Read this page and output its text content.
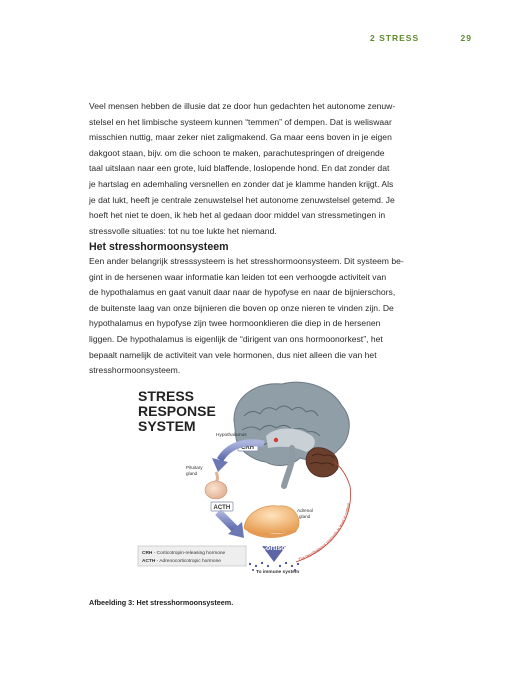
2 STRESS	29

Veel mensen hebben de illusie dat ze door hun gedachten het autonome zenuw-
stelsel en het limbische systeem kunnen “temmen” of dempen. Dat is weliswaar
misschien nuttig, maar zeker niet zaligmakend. Ga maar eens boven in je eigen
dakgoot staan, bijv. om die schoon te maken, parachutespringen of dreigende
taal uitslaan naar een grote, luid blaffende, loslopende hond. En dat zonder dat
je hartslag en ademhaling versnellen en zonder dat je klamme handen krijgt. Als
je dat lukt, heeft je centrale zenuwstelsel het autonome zenuwstelsel getemd. Je
hoeft het niet te doen, ik heb het al gedaan door middel van stressmetingen in
stressvolle situaties: tot nu toe lukte het niemand.

Het stresshormoonsysteem

Een ander belangrijk stresssysteem is het stresshormoonsysteem. Dit systeem be-
gint in de hersenen waar informatie kan leiden tot een verhoogde activiteit van
de hypothalamus en gaat vanuit daar naar de hypofyse en naar de bijnierschors,
de buitenste laag van onze bijnieren die boven op onze nieren te vinden zijn. De
hypothalamus en hypofyse zijn twee hormoonklieren die diep in de hersenen
liggen. De hypothalamus is eigenlijk de “dirigent van ons hormoonorkest”, het
bepaalt namelijk de activiteit van vele hormonen, dus niet alleen die van het
stresshormoonsysteem.

STRESS
RESPONSE
SYSTEM
Hypothalamus
CRH
Pituitary
gland
ACTH	Adrenal
gland
Cortisol
To immune system
The hypothalamus responds to level of cortisol
CRH - Corticotropin-releasing hormone
ACTH - Adrenocorticotropic hormone

Afbeelding 3: Het stresshormoonsysteem.
